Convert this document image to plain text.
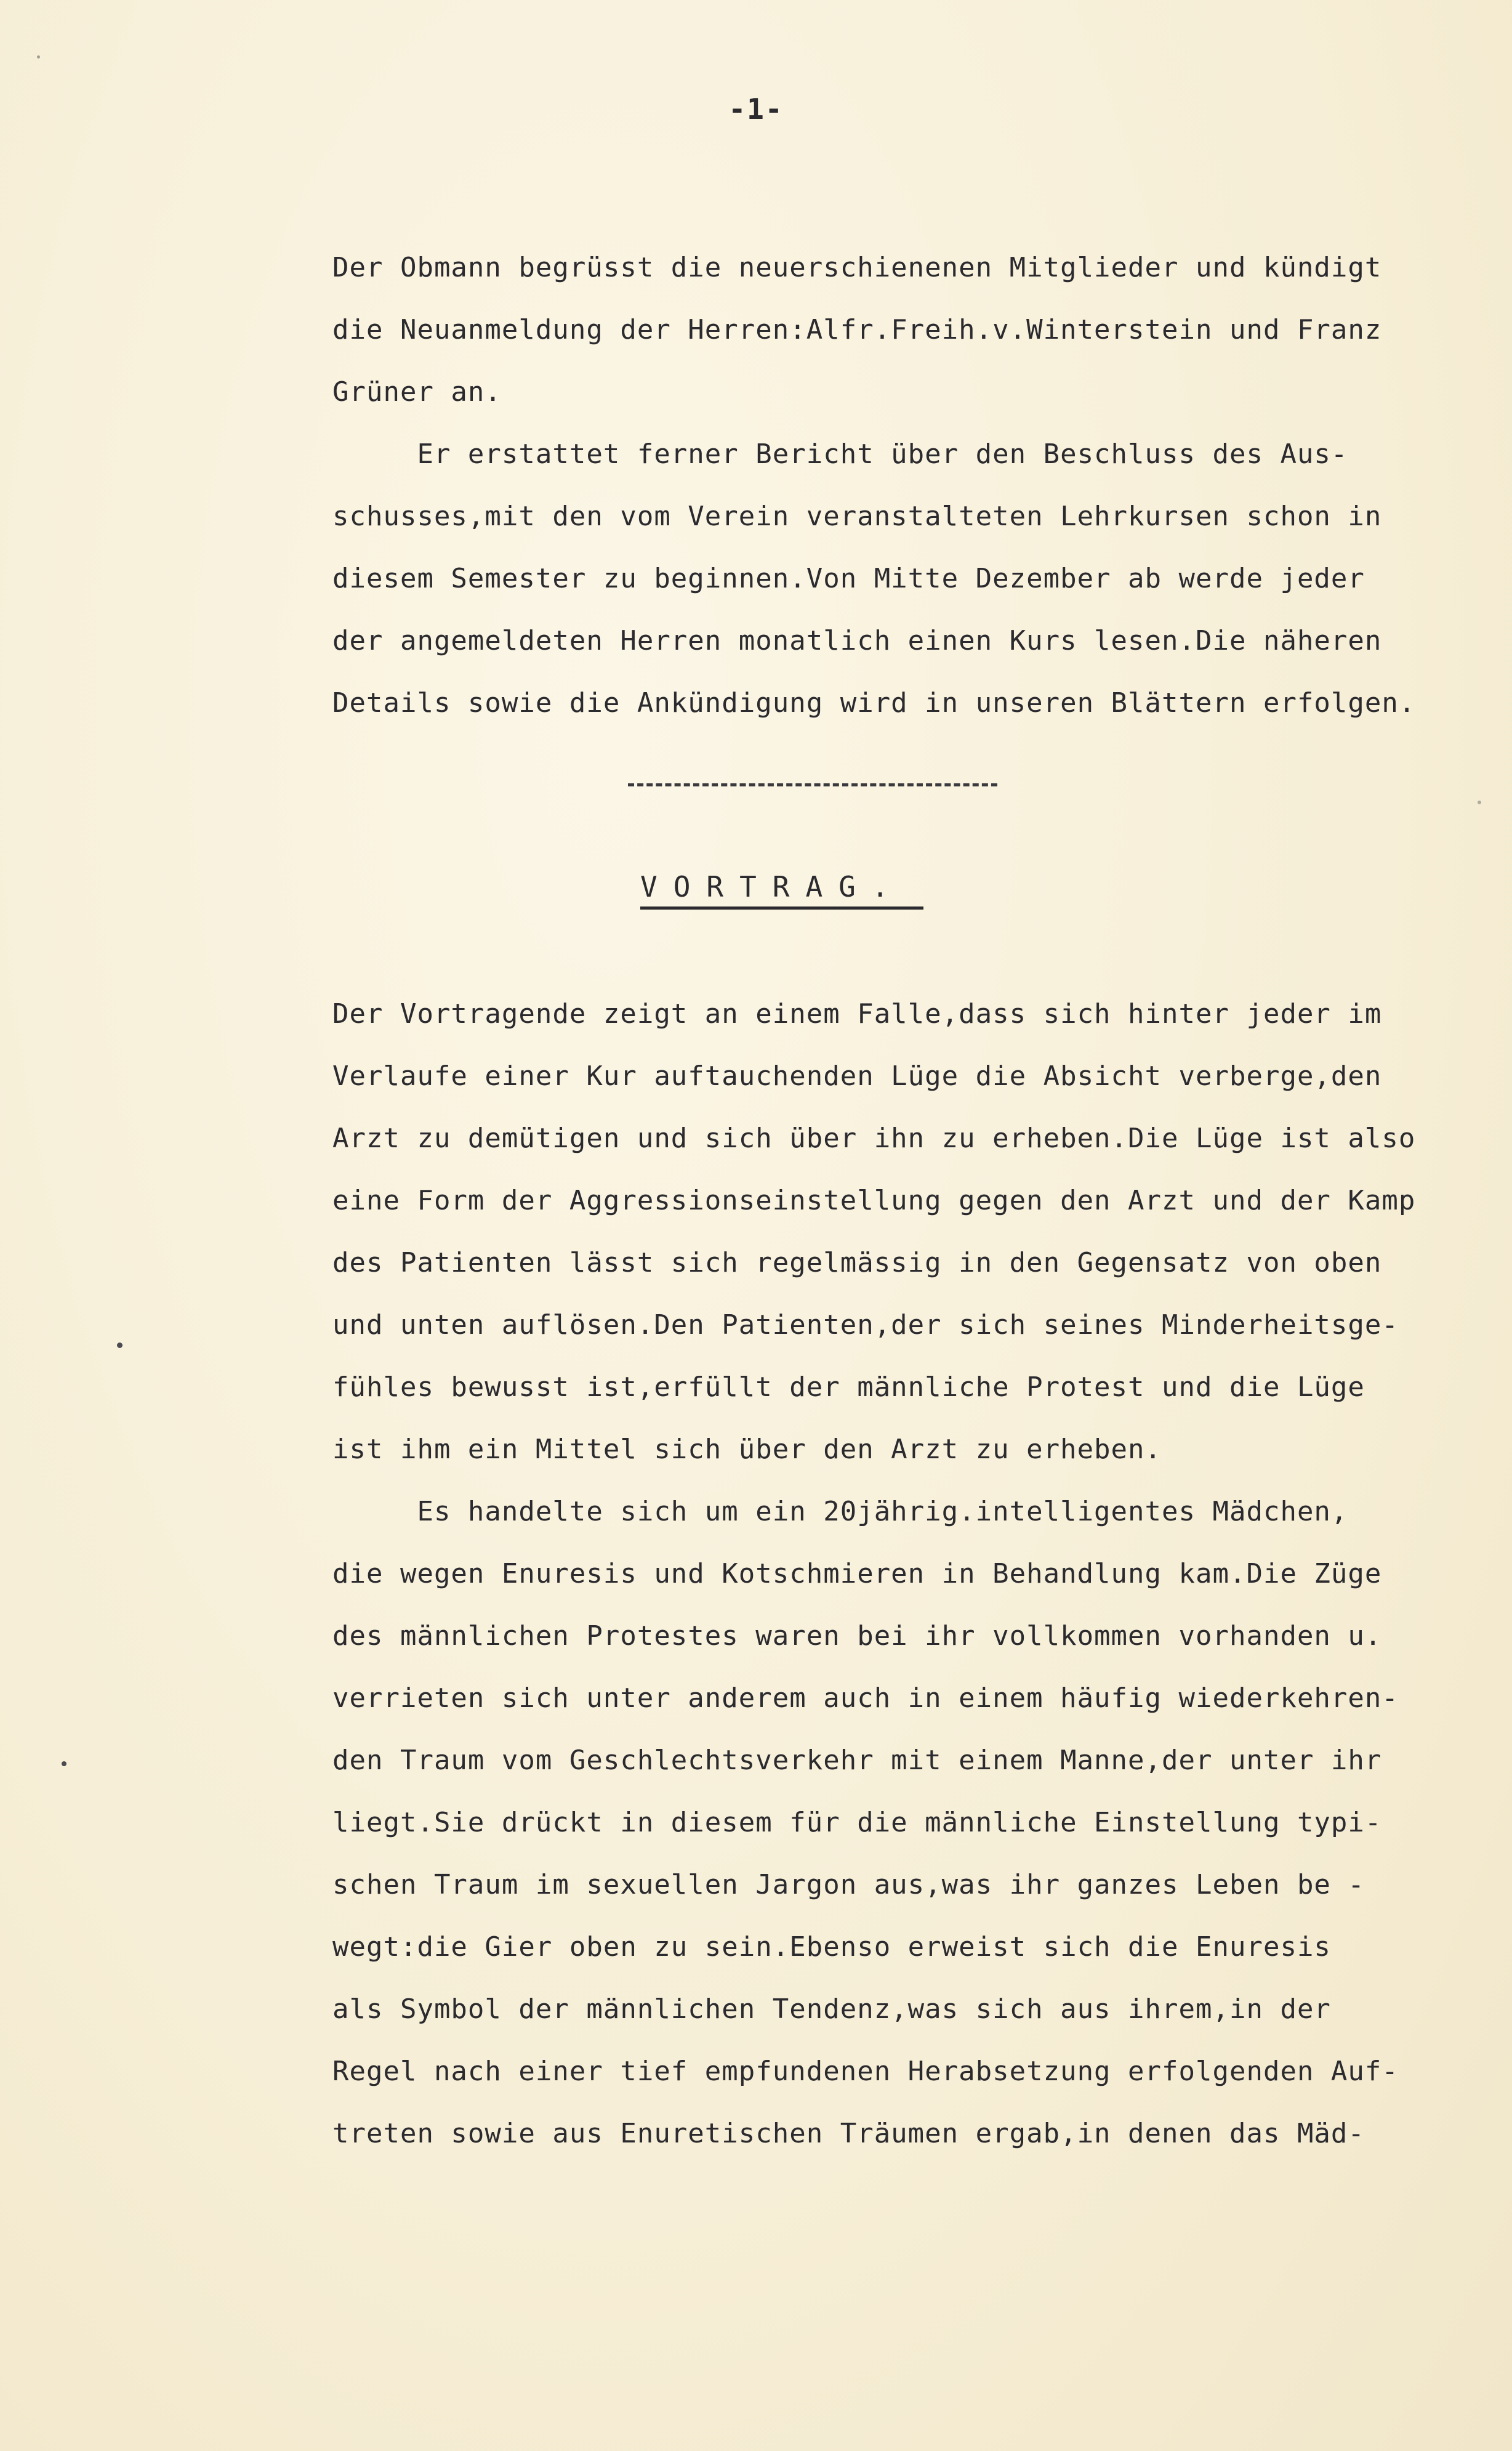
-1-
Der Obmann begrüsst die neuerschienenen Mitglieder und kündigt
die Neuanmeldung der Herren:Alfr.Freih.v.Winterstein und Franz
Grüner an.
Er erstattet ferner Bericht über den Beschluss des Aus-
schusses,mit den vom Verein veranstalteten Lehrkursen schon in
diesem Semester zu beginnen.Von Mitte Dezember ab werde jeder
der angemeldeten Herren monatlich einen Kurs lesen.Die näheren
Details sowie die Ankündigung wird in unseren Blättern erfolgen.
VORTRAG.
Der Vortragende zeigt an einem Falle,dass sich hinter jeder im
Verlaufe einer Kur auftauchenden Lüge die Absicht verberge,den
Arzt zu demütigen und sich über ihn zu erheben.Die Lüge ist also
eine Form der Aggressionseinstellung gegen den Arzt und der Kamp
des Patienten lässt sich regelmässig in den Gegensatz von oben
und unten auflösen.Den Patienten,der sich seines Minderheitsge-
fühles bewusst ist,erfüllt der männliche Protest und die Lüge
ist ihm ein Mittel sich über den Arzt zu erheben.
Es handelte sich um ein 20jährig.intelligentes Mädchen,
die wegen Enuresis und Kotschmieren in Behandlung kam.Die Züge
des männlichen Protestes waren bei ihr vollkommen vorhanden u.
verrieten sich unter anderem auch in einem häufig wiederkehren-
den Traum vom Geschlechtsverkehr mit einem Manne,der unter ihr
liegt.Sie drückt in diesem für die männliche Einstellung typi-
schen Traum im sexuellen Jargon aus,was ihr ganzes Leben be -
wegt:die Gier oben zu sein.Ebenso erweist sich die Enuresis
als Symbol der männlichen Tendenz,was sich aus ihrem,in der
Regel nach einer tief empfundenen Herabsetzung erfolgenden Auf-
treten sowie aus Enuretischen Träumen ergab,in denen das Mäd-
